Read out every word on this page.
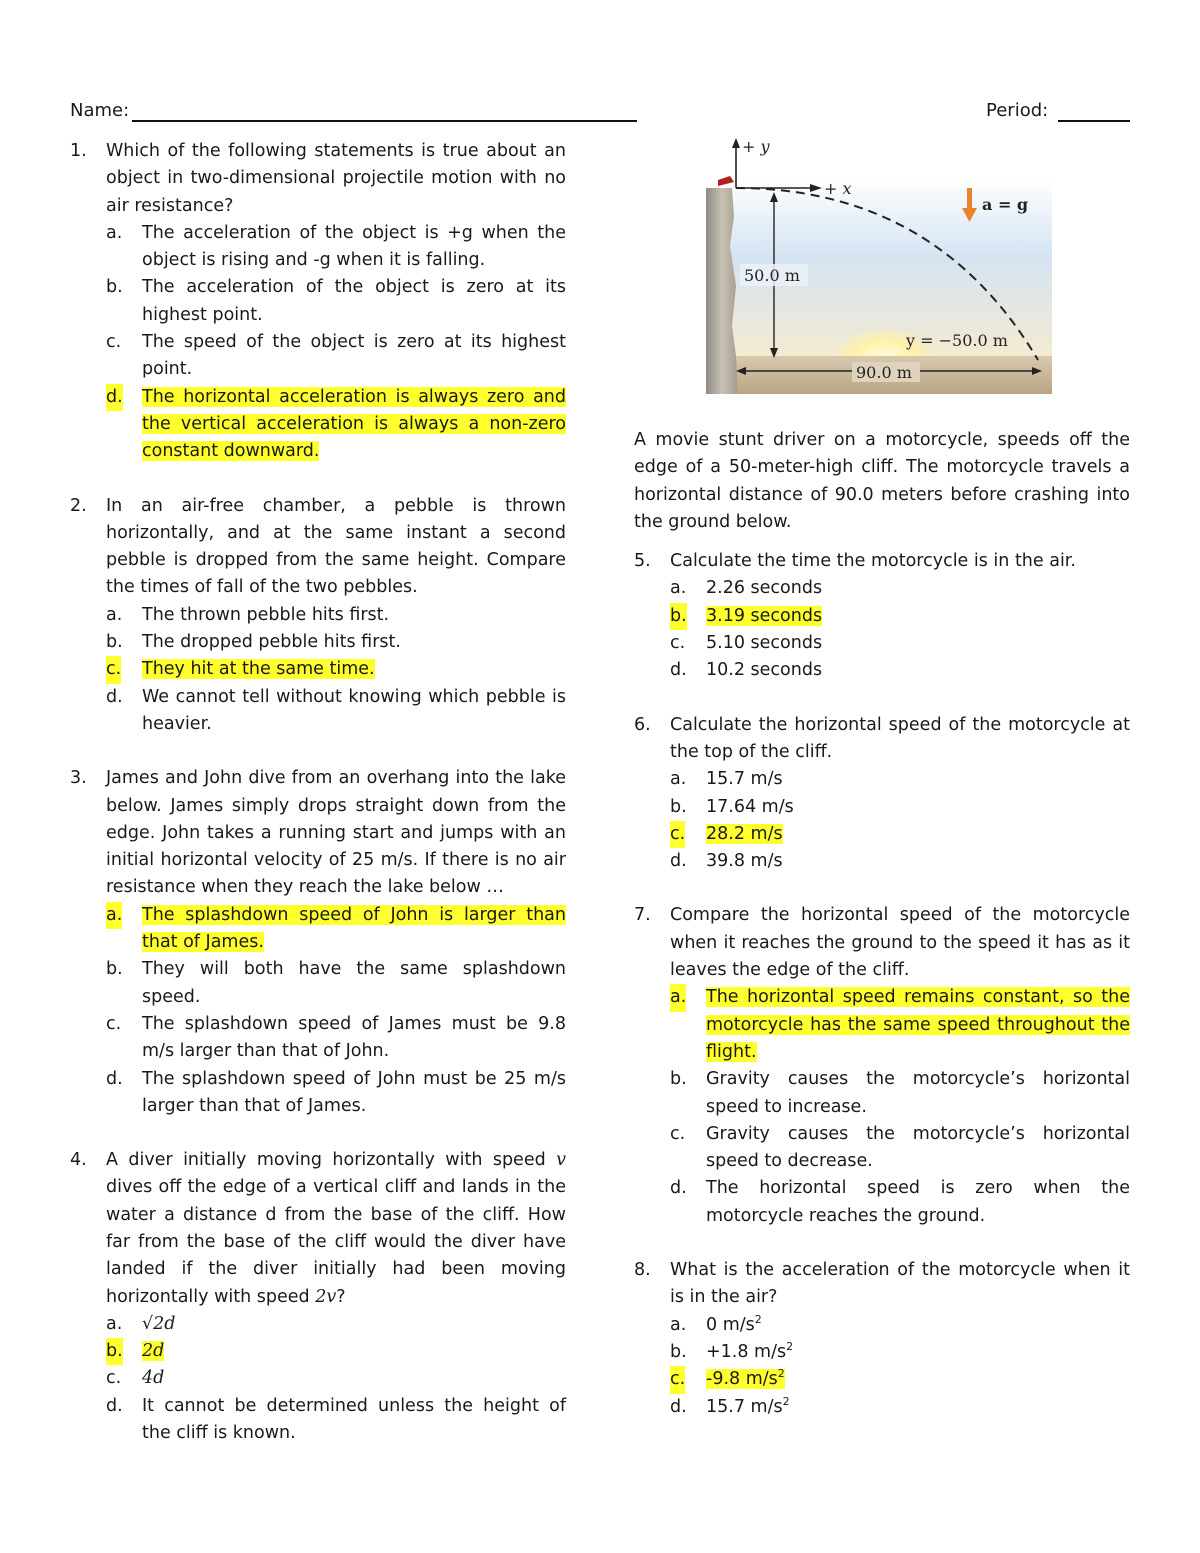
Name:	Period:
1. Which of the following statements is true about an object in two-dimensional projectile motion with no air resistance?
a. The acceleration of the object is +g when the object is rising and -g when it is falling.
b. The acceleration of the object is zero at its highest point.
c. The speed of the object is zero at its highest point.
d. The horizontal acceleration is always zero and the vertical acceleration is always a non-zero constant downward.
2. In an air-free chamber, a pebble is thrown horizontally, and at the same instant a second pebble is dropped from the same height. Compare the times of fall of the two pebbles.
a. The thrown pebble hits first.
b. The dropped pebble hits first.
c. They hit at the same time.
d. We cannot tell without knowing which pebble is heavier.
3. James and John dive from an overhang into the lake below. James simply drops straight down from the edge. John takes a running start and jumps with an initial horizontal velocity of 25 m/s. If there is no air resistance when they reach the lake below …
a. The splashdown speed of John is larger than that of James.
b. They will both have the same splashdown speed.
c. The splashdown speed of James must be 9.8 m/s larger than that of John.
d. The splashdown speed of John must be 25 m/s larger than that of James.
4. A diver initially moving horizontally with speed v dives off the edge of a vertical cliff and lands in the water a distance d from the base of the cliff. How far from the base of the cliff would the diver have landed if the diver initially had been moving horizontally with speed 2v?
a. √2d
b. 2d
c. 4d
d. It cannot be determined unless the height of the cliff is known.
+ y
+ x
a = g
50.0 m
y = −50.0 m
90.0 m
A movie stunt driver on a motorcycle, speeds off the edge of a 50-meter-high cliff. The motorcycle travels a horizontal distance of 90.0 meters before crashing into the ground below.
5. Calculate the time the motorcycle is in the air.
a. 2.26 seconds
b. 3.19 seconds
c. 5.10 seconds
d. 10.2 seconds
6. Calculate the horizontal speed of the motorcycle at the top of the cliff.
a. 15.7 m/s
b. 17.64 m/s
c. 28.2 m/s
d. 39.8 m/s
7. Compare the horizontal speed of the motorcycle when it reaches the ground to the speed it has as it leaves the edge of the cliff.
a. The horizontal speed remains constant, so the motorcycle has the same speed throughout the flight.
b. Gravity causes the motorcycle’s horizontal speed to increase.
c. Gravity causes the motorcycle’s horizontal speed to decrease.
d. The horizontal speed is zero when the motorcycle reaches the ground.
8. What is the acceleration of the motorcycle when it is in the air?
a. 0 $m/s^2$
b. +1.8 $m/s^2$
c. -9.8 $m/s^2$
d. 15.7 $m/s^2$
